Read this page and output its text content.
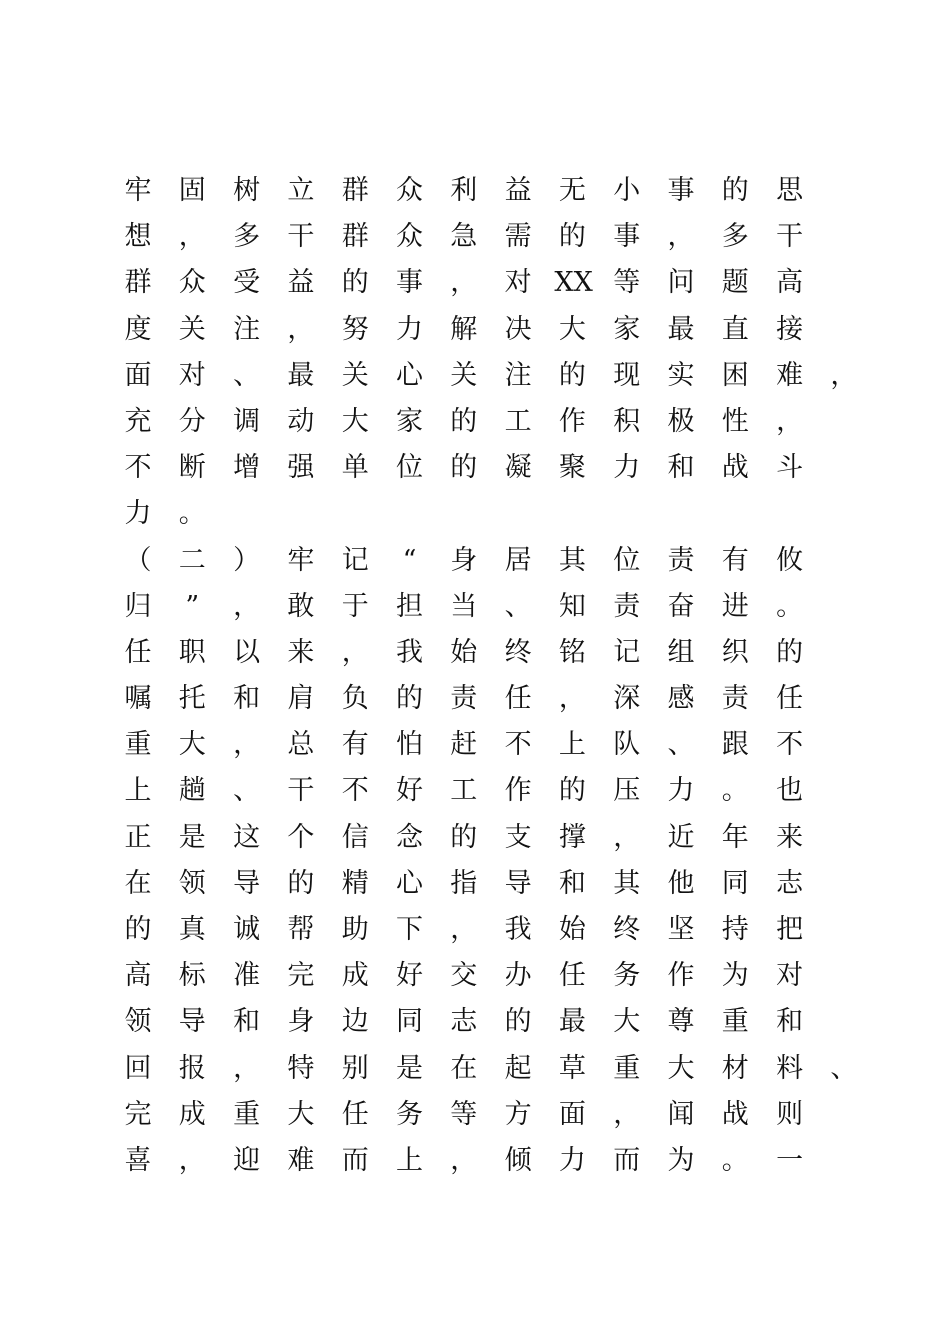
牢 固 树 立 群 众 利 益 无 小 事 的 思
想 ， 多 干 群 众 急 需 的 事 ， 多 干
群 众 受 益 的 事 ， 对 XX 等 问 题 高
度 关 注 ， 努 力 解 决 大 家 最 直 接
面 对 、 最 关 心 关 注 的 现 实 困 难 ，
充 分 调 动 大 家 的 工 作 积 极 性 ，
不 断 增 强 单 位 的 凝 聚 力 和 战 斗
力 。
（ 二 ） 牢 记	“	身 居 其 位 责 有 攸
归	”	， 敢 于 担 当 、 知 责 奋 进 。
任 职 以 来 ， 我 始 终 铭 记 组 织 的
嘱 托 和 肩 负 的 责 任 ， 深 感 责 任
重 大 ， 总 有 怕 赶 不 上 队 、 跟 不
上 趟 、 干 不 好 工 作 的 压 力 。 也
正 是 这 个 信 念 的 支 撑 ， 近 年 来
在 领 导 的 精 心 指 导 和 其 他 同 志
的 真 诚 帮 助 下 ， 我 始 终 坚 持 把
高 标 准 完 成 好 交 办 任 务 作 为 对
领 导 和 身 边 同 志 的 最 大 尊 重 和
回 报 ， 特 别 是 在 起 草 重 大 材 料 、
完 成 重 大 任 务 等 方 面 ， 闻 战 则
喜 ， 迎 难 而 上 ， 倾 力 而 为 。 一
